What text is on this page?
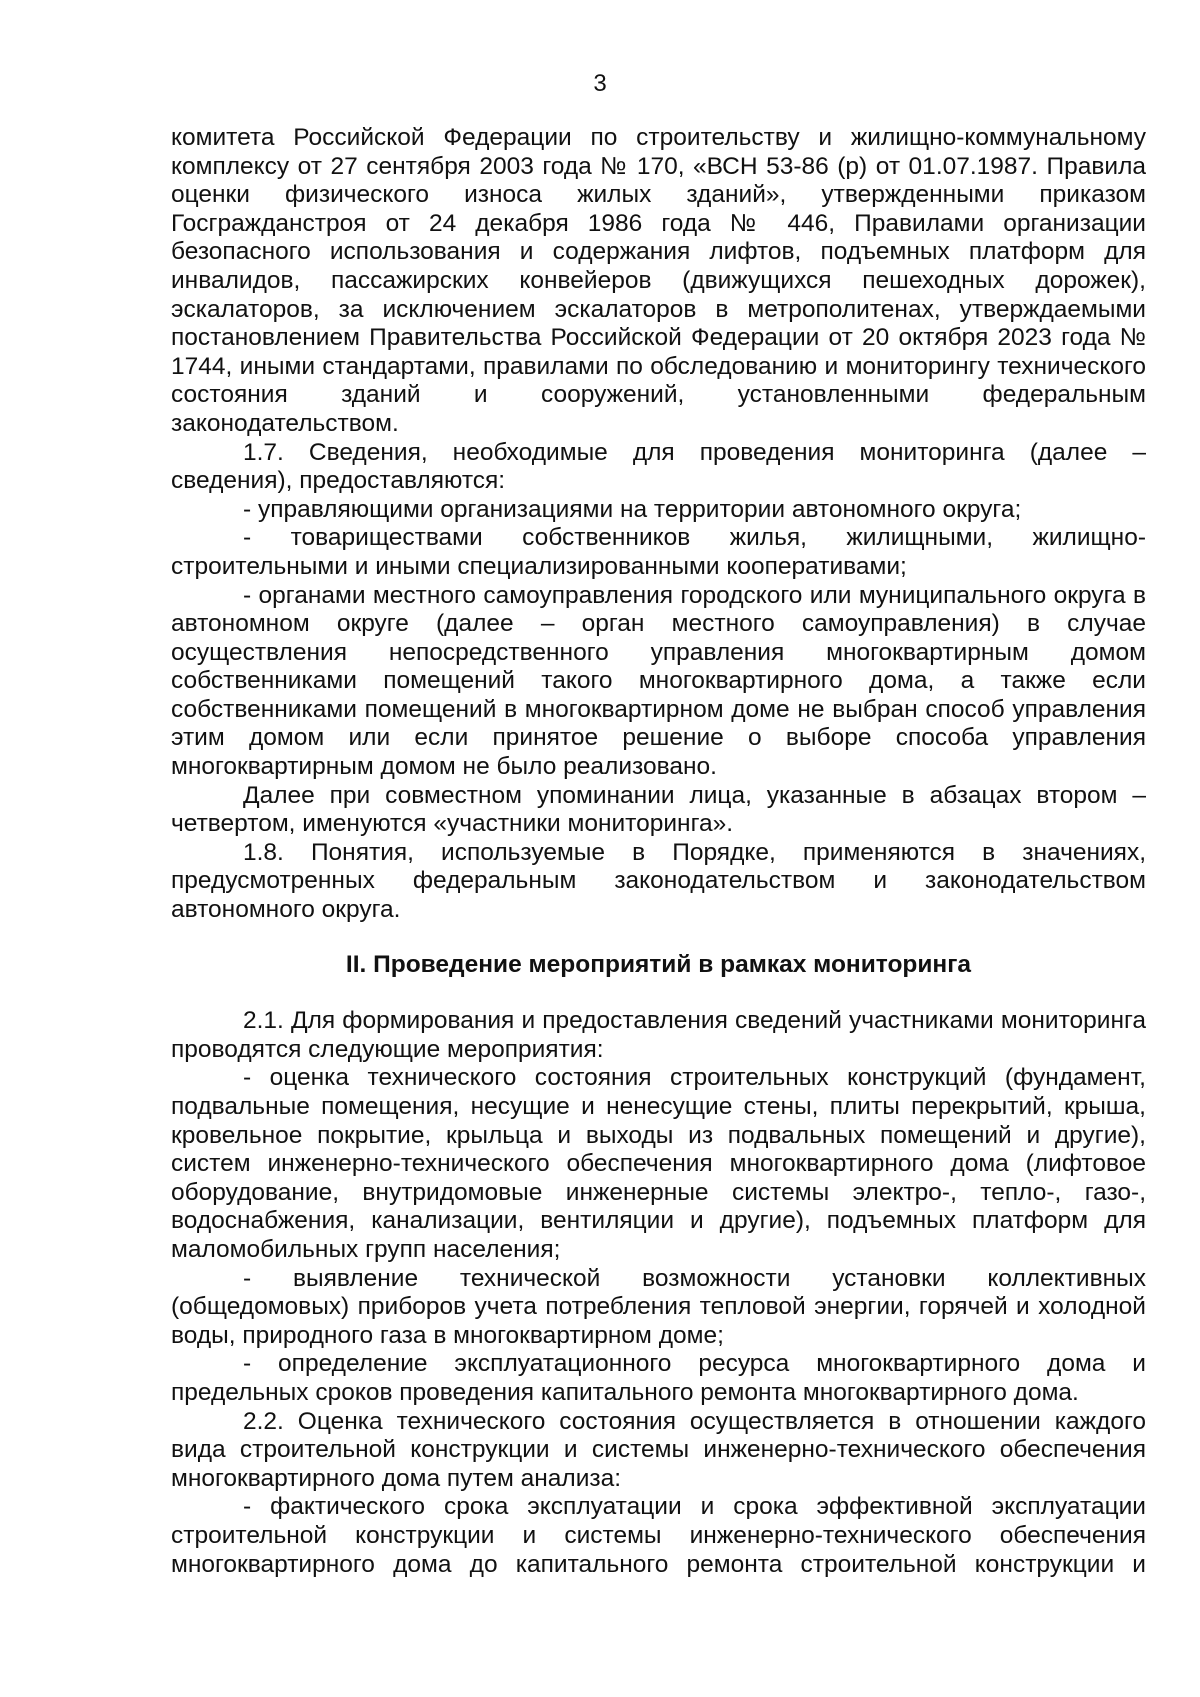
3

комитета Российской Федерации по строительству и жилищно-коммунальному комплексу от 27 сентября 2003 года № 170, «ВСН 53-86 (р) от 01.07.1987. Правила оценки физического износа жилых зданий», утвержденными приказом Госгражданстроя от 24 декабря 1986 года № 446, Правилами организации безопасного использования и содержания лифтов, подъемных платформ для инвалидов, пассажирских конвейеров (движущихся пешеходных дорожек), эскалаторов, за исключением эскалаторов в метрополитенах, утверждаемыми постановлением Правительства Российской Федерации от 20 октября 2023 года № 1744, иными стандартами, правилами по обследованию и мониторингу технического состояния зданий и сооружений, установленными федеральным законодательством.

1.7. Сведения, необходимые для проведения мониторинга (далее – сведения), предоставляются:

- управляющими организациями на территории автономного округа;

- товариществами собственников жилья, жилищными, жилищно-строительными и иными специализированными кооперативами;

- органами местного самоуправления городского или муниципального округа в автономном округе (далее – орган местного самоуправления) в случае осуществления непосредственного управления многоквартирным домом собственниками помещений такого многоквартирного дома, а также если собственниками помещений в многоквартирном доме не выбран способ управления этим домом или если принятое решение о выборе способа управления многоквартирным домом не было реализовано.

Далее при совместном упоминании лица, указанные в абзацах втором – четвертом, именуются «участники мониторинга».

1.8. Понятия, используемые в Порядке, применяются в значениях, предусмотренных федеральным законодательством и законодательством автономного округа.

II. Проведение мероприятий в рамках мониторинга

2.1. Для формирования и предоставления сведений участниками мониторинга проводятся следующие мероприятия:

- оценка технического состояния строительных конструкций (фундамент, подвальные помещения, несущие и ненесущие стены, плиты перекрытий, крыша, кровельное покрытие, крыльца и выходы из подвальных помещений и другие), систем инженерно-технического обеспечения многоквартирного дома (лифтовое оборудование, внутридомовые инженерные системы электро-, тепло-, газо-, водоснабжения, канализации, вентиляции и другие), подъемных платформ для маломобильных групп населения;

- выявление технической возможности установки коллективных (общедомовых) приборов учета потребления тепловой энергии, горячей и холодной воды, природного газа в многоквартирном доме;

- определение эксплуатационного ресурса многоквартирного дома и предельных сроков проведения капитального ремонта многоквартирного дома.

2.2. Оценка технического состояния осуществляется в отношении каждого вида строительной конструкции и системы инженерно-технического обеспечения многоквартирного дома путем анализа:

- фактического срока эксплуатации и срока эффективной эксплуатации строительной конструкции и системы инженерно-технического обеспечения многоквартирного дома до капитального ремонта строительной конструкции и
